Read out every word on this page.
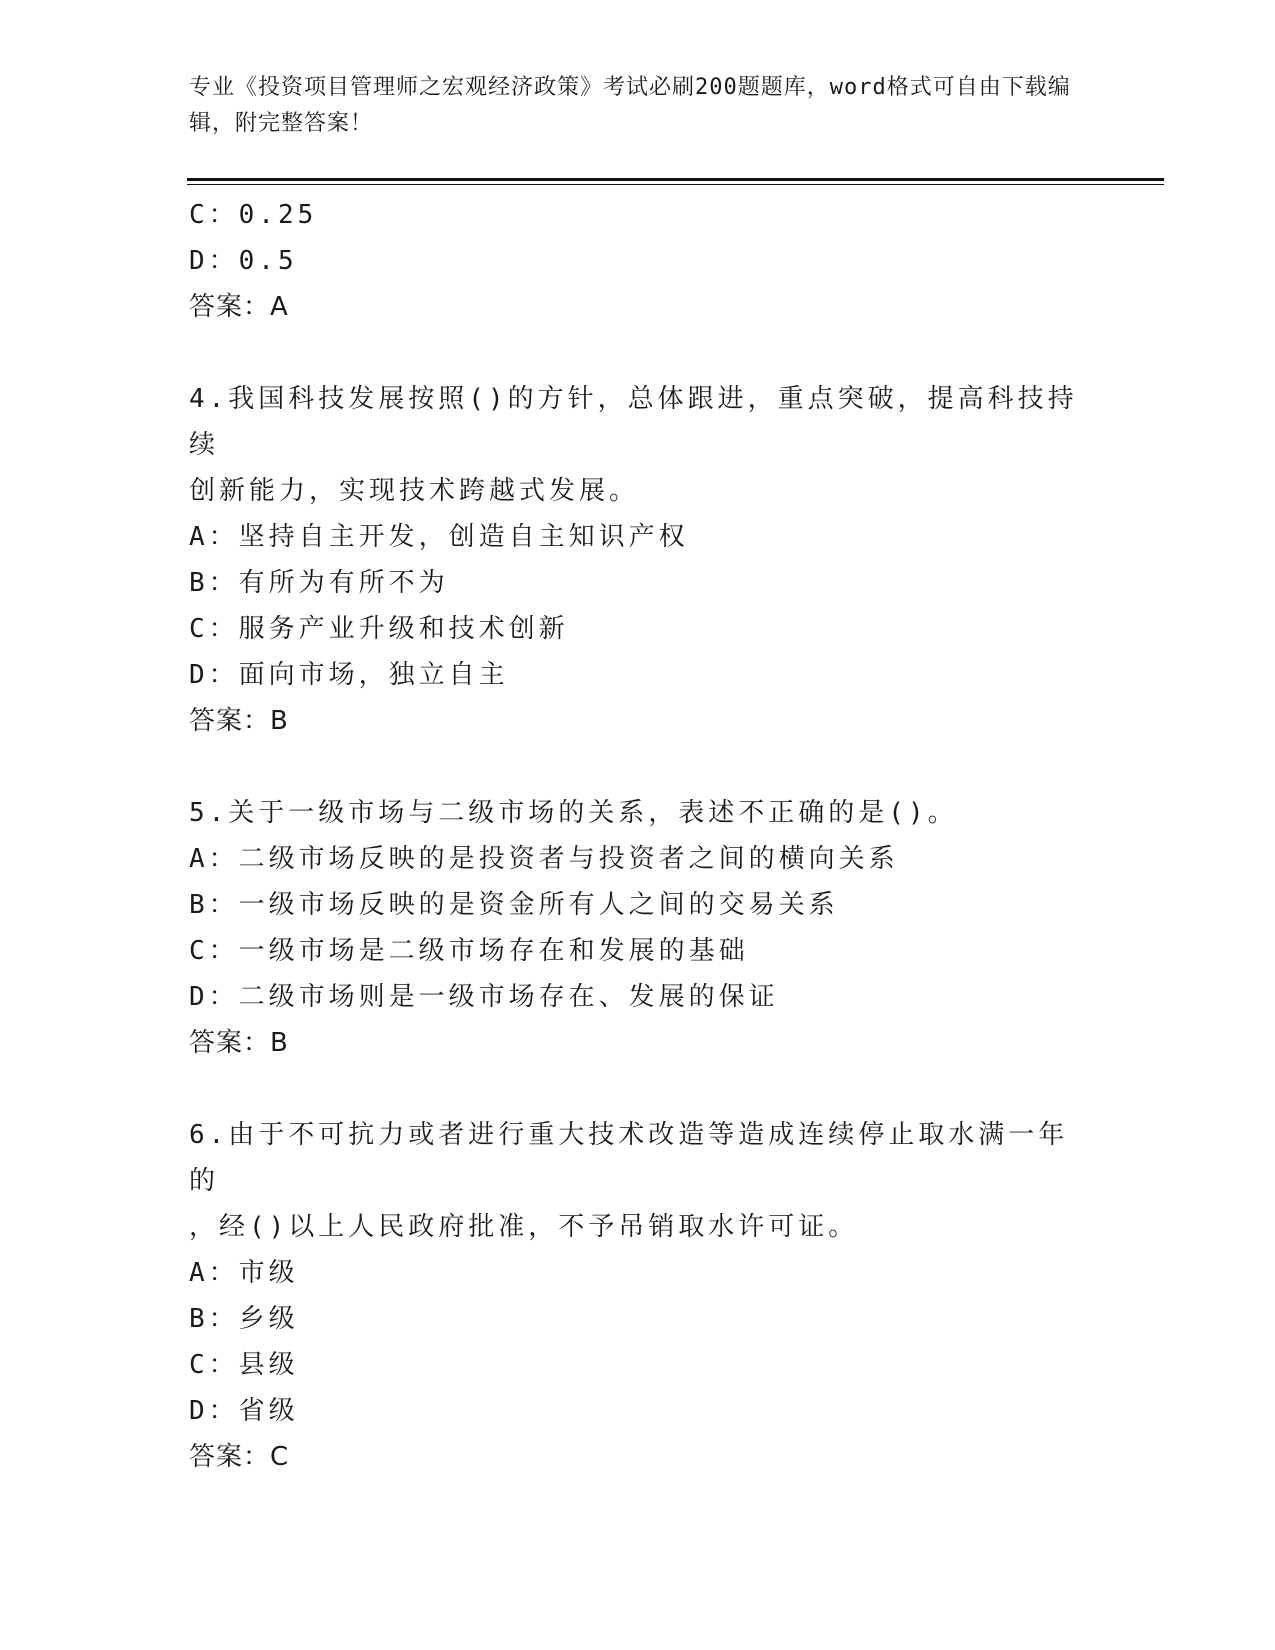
专业《投资项目管理师之宏观经济政策》考试必刷200题题库，word格式可自由下载编辑，附完整答案！
C：0.25
D：0.5
答案：A
4.我国科技发展按照()的方针，总体跟进，重点突破，提高科技持续
创新能力，实现技术跨越式发展。
A：坚持自主开发，创造自主知识产权
B：有所为有所不为
C：服务产业升级和技术创新
D：面向市场，独立自主
答案：B
5.关于一级市场与二级市场的关系，表述不正确的是()。
A：二级市场反映的是投资者与投资者之间的横向关系
B：一级市场反映的是资金所有人之间的交易关系
C：一级市场是二级市场存在和发展的基础
D：二级市场则是一级市场存在、发展的保证
答案：B
6.由于不可抗力或者进行重大技术改造等造成连续停止取水满一年的
，经()以上人民政府批准，不予吊销取水许可证。
A：市级
B：乡级
C：县级
D：省级
答案：C
